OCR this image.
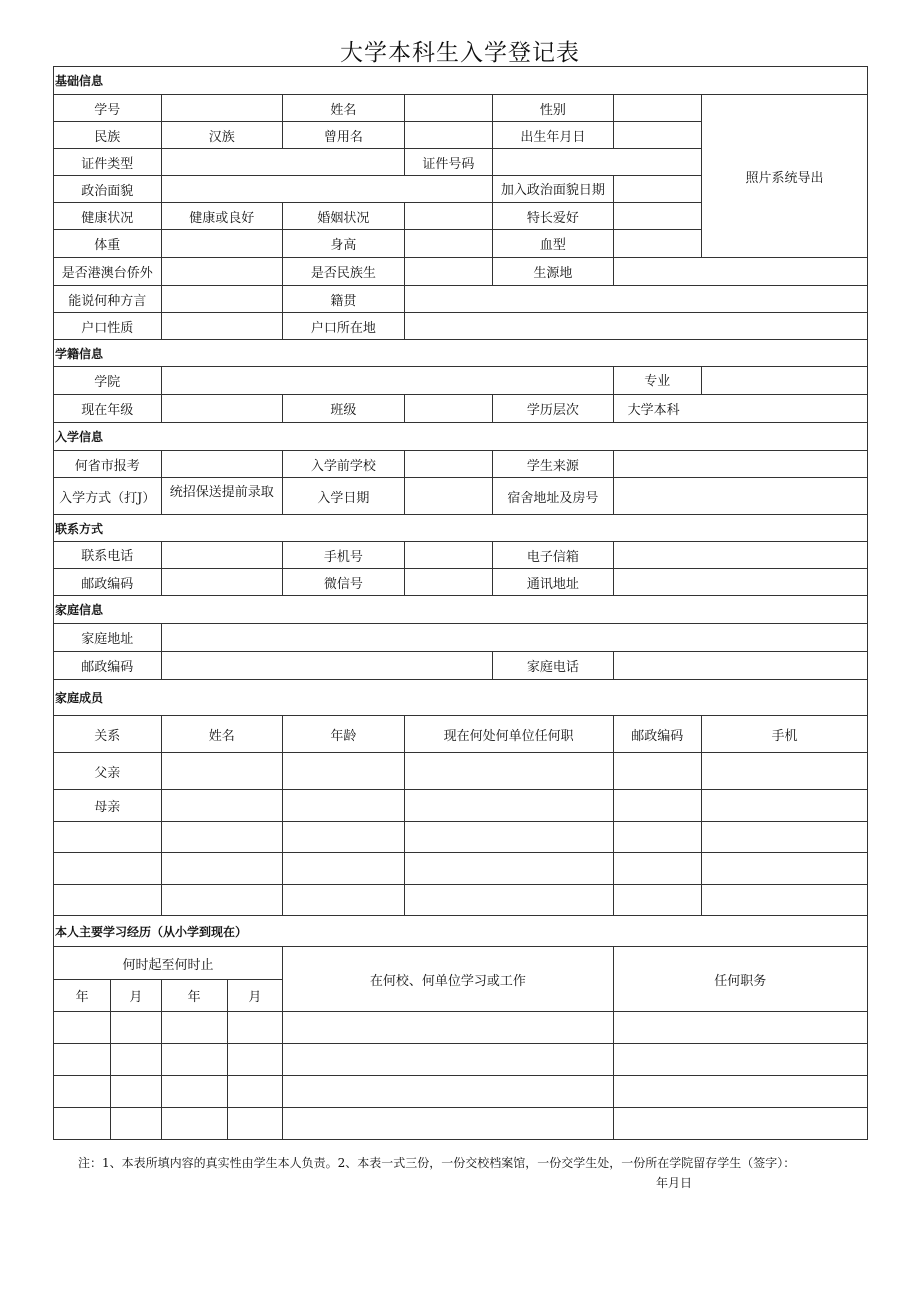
大学本科生入学登记表
基础信息								
学号				姓名		性别		照片系统导出
民族		汉族		曾用名		出生年月日		
证件类型					证件号码			
政治面貌						加入政治面貌日期		
健康状况		健康或良好		婚姻状况		特长爱好		
体重				身高		血型		
是否港澳台侨外				是否民族生		生源地		
能说何种方言				籍贯				
户口性质				户口所在地				
学籍信息								
学院							专业	
现在年级				班级		学历层次	大学本科	
入学信息								
何省市报考				入学前学校		学生来源		
入学方式（打J）		统招保送提前录取		入学日期		宿舍地址及房号		
联系方式								
联系电话				手机号		电子信箱		
邮政编码				微信号		通讯地址		
家庭信息								
家庭地址								
邮政编码						家庭电话		
家庭成员								
关系		姓名		年龄	现在何处何单位任何职		邮政编码	手机
父亲								
母亲								

本人主要学习经历（从小学到现在）								
何时起至何时止				在何校、何单位学习或工作			任何职务	
年	月	年	月					

注：1、本表所填内容的真实性由学生本人负责。2、本表一式三份，一份交校档案馆，一份交学生处，一份所在学院留存学生（签字）：
年月日
